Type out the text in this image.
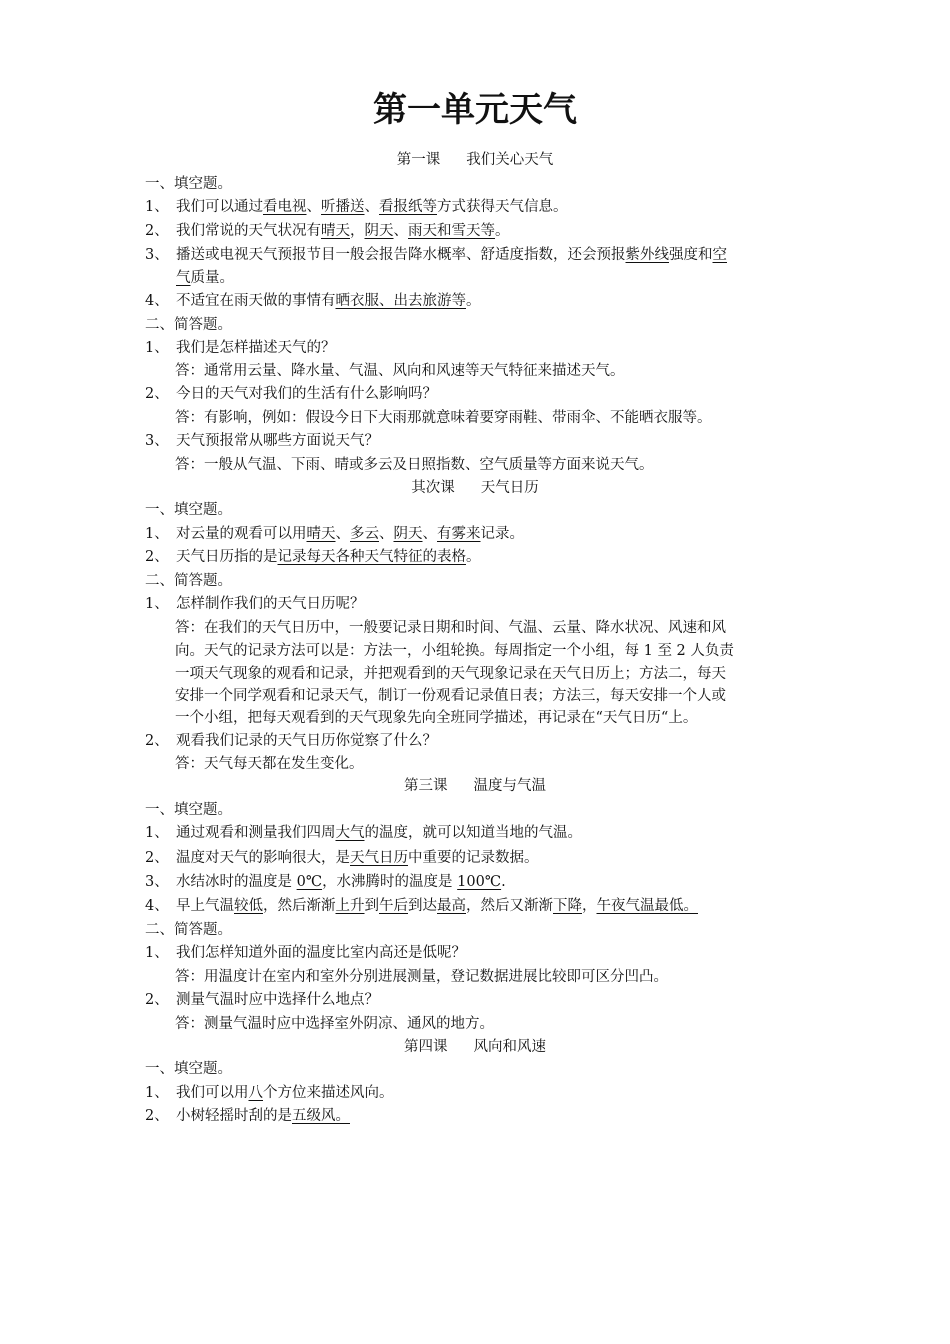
第一单元天气
第一课 我们关心天气
一、填空题。
1、 我们可以通过看电视、听播送、看报纸等方式获得天气信息。
2、 我们常说的天气状况有晴天，阴天、雨天和雪天等。
3、 播送或电视天气预报节目一般会报告降水概率、舒适度指数，还会预报紫外线强度和空
气质量。
4、 不适宜在雨天做的事情有晒衣服、出去旅游等。
二、简答题。
1、 我们是怎样描述天气的？
答：通常用云量、降水量、气温、风向和风速等天气特征来描述天气。
2、 今日的天气对我们的生活有什么影响吗？
答：有影响，例如：假设今日下大雨那就意味着要穿雨鞋、带雨伞、不能晒衣服等。
3、 天气预报常从哪些方面说天气？
答：一般从气温、下雨、晴或多云及日照指数、空气质量等方面来说天气。
其次课 天气日历
一、填空题。
1、 对云量的观看可以用晴天、多云、阴天、有雾来记录。
2、 天气日历指的是记录每天各种天气特征的表格。
二、简答题。
1、 怎样制作我们的天气日历呢？
答：在我们的天气日历中，一般要记录日期和时间、气温、云量、降水状况、风速和风
向。天气的记录方法可以是：方法一，小组轮换。每周指定一个小组，每 1 至 2 人负责
一项天气现象的观看和记录，并把观看到的天气现象记录在天气日历上；方法二，每天
安排一个同学观看和记录天气，制订一份观看记录值日表；方法三，每天安排一个人或
一个小组，把每天观看到的天气现象先向全班同学描述，再记录在“天气日历“上。
2、 观看我们记录的天气日历你觉察了什么？
答：天气每天都在发生变化。
第三课 温度与气温
一、填空题。
1、 通过观看和测量我们四周大气的温度，就可以知道当地的气温。
2、 温度对天气的影响很大，是天气日历中重要的记录数据。
3、 水结冰时的温度是 0℃，水沸腾时的温度是 100℃.
4、 早上气温较低，然后渐渐上升到午后到达最高，然后又渐渐下降，午夜气温最低。
二、简答题。
1、 我们怎样知道外面的温度比室内高还是低呢？
答：用温度计在室内和室外分别进展测量，登记数据进展比较即可区分凹凸。
2、 测量气温时应中选择什么地点？
答：测量气温时应中选择室外阴凉、通风的地方。
第四课 风向和风速
一、填空题。
1、 我们可以用八个方位来描述风向。
2、 小树轻摇时刮的是五级风。
